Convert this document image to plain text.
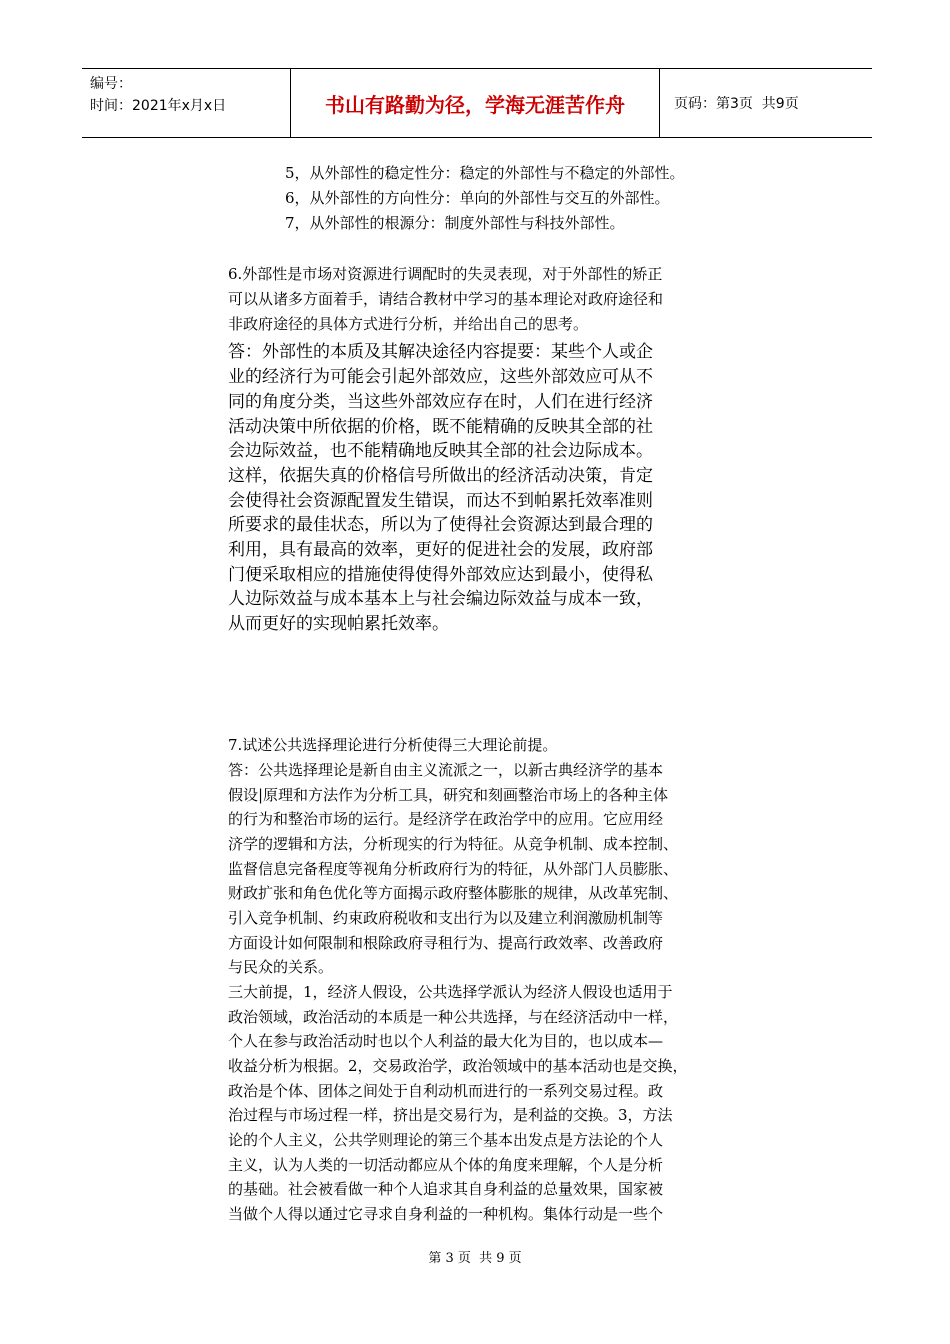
编号：
时间：2021年x月x日	书山有路勤为径，学海无涯苦作舟	页码：第3页  共9页
5，从外部性的稳定性分：稳定的外部性与不稳定的外部性。
6，从外部性的方向性分：单向的外部性与交互的外部性。
7，从外部性的根源分：制度外部性与科技外部性。
6.外部性是市场对资源进行调配时的失灵表现，对于外部性的矫正
可以从诸多方面着手，请结合教材中学习的基本理论对政府途径和
非政府途径的具体方式进行分析，并给出自己的思考。
答：外部性的本质及其解决途径内容提要：某些个人或企
业的经济行为可能会引起外部效应，这些外部效应可从不
同的角度分类，当这些外部效应存在时，人们在进行经济
活动决策中所依据的价格，既不能精确的反映其全部的社
会边际效益，也不能精确地反映其全部的社会边际成本。
这样，依据失真的价格信号所做出的经济活动决策，肯定
会使得社会资源配置发生错误，而达不到帕累托效率准则
所要求的最佳状态，所以为了使得社会资源达到最合理的
利用，具有最高的效率，更好的促进社会的发展，政府部
门便采取相应的措施使得使得外部效应达到最小，使得私
人边际效益与成本基本上与社会编边际效益与成本一致，
从而更好的实现帕累托效率。
7.试述公共选择理论进行分析使得三大理论前提。
答：公共选择理论是新自由主义流派之一，以新古典经济学的基本
假设|原理和方法作为分析工具，研究和刻画整治市场上的各种主体
的行为和整治市场的运行。是经济学在政治学中的应用。它应用经
济学的逻辑和方法，分析现实的行为特征。从竞争机制、成本控制、
监督信息完备程度等视角分析政府行为的特征，从外部门人员膨胀、
财政扩张和角色优化等方面揭示政府整体膨胀的规律，从改革宪制、
引入竞争机制、约束政府税收和支出行为以及建立利润激励机制等
方面设计如何限制和根除政府寻租行为、提高行政效率、改善政府
与民众的关系。
三大前提，1，经济人假设，公共选择学派认为经济人假设也适用于
政治领域，政治活动的本质是一种公共选择，与在经济活动中一样，
个人在参与政治活动时也以个人利益的最大化为目的，也以成本—
收益分析为根据。2，交易政治学，政治领域中的基本活动也是交换，
政治是个体、团体之间处于自利动机而进行的一系列交易过程。政
治过程与市场过程一样，挤出是交易行为，是利益的交换。3，方法
论的个人主义，公共学则理论的第三个基本出发点是方法论的个人
主义，认为人类的一切活动都应从个体的角度来理解，个人是分析
的基础。社会被看做一种个人追求其自身利益的总量效果，国家被
当做个人得以通过它寻求自身利益的一种机构。集体行动是一些个
第 3 页  共 9 页
